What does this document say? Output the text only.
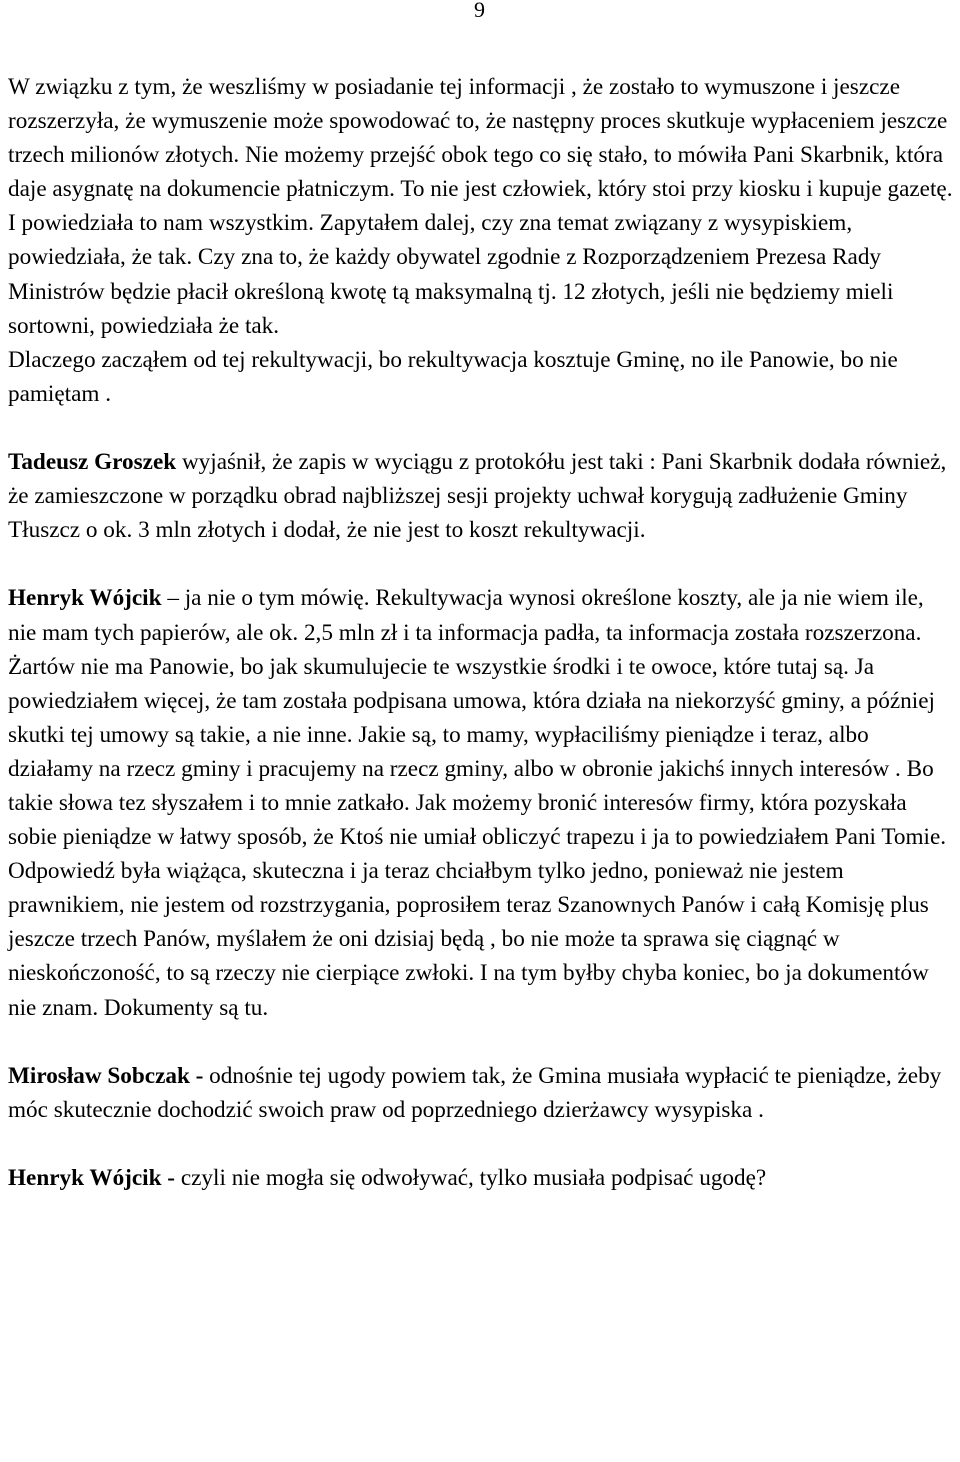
9

W związku z tym, że weszliśmy w posiadanie tej informacji , że zostało to wymuszone i jeszcze rozszerzyła, że wymuszenie może spowodować to, że następny proces skutkuje wypłaceniem jeszcze trzech milionów złotych. Nie możemy przejść obok tego co się stało, to mówiła Pani Skarbnik, która daje asygnatę na dokumencie płatniczym. To nie jest człowiek, który stoi przy kiosku i kupuje gazetę. I powiedziała to nam wszystkim. Zapytałem dalej, czy zna temat związany z wysypiskiem, powiedziała, że tak. Czy zna to, że każdy obywatel zgodnie z Rozporządzeniem Prezesa Rady Ministrów będzie płacił określoną kwotę tą maksymalną tj. 12 złotych, jeśli nie będziemy mieli sortowni, powiedziała że tak.
Dlaczego zacząłem od tej rekultywacji, bo rekultywacja kosztuje Gminę, no ile Panowie, bo nie pamiętam .

Tadeusz Groszek wyjaśnił, że zapis w wyciągu z protokółu jest taki : Pani Skarbnik dodała również, że zamieszczone w porządku obrad najbliższej sesji projekty uchwał korygują zadłużenie Gminy Tłuszcz o ok. 3 mln złotych i dodał, że nie jest to koszt rekultywacji.

Henryk Wójcik – ja nie o tym mówię. Rekultywacja wynosi określone koszty, ale ja nie wiem ile, nie mam tych papierów, ale ok. 2,5 mln zł i ta informacja padła, ta informacja została rozszerzona. Żartów nie ma Panowie, bo jak skumulujecie te wszystkie środki i te owoce, które tutaj są. Ja powiedziałem więcej, że tam została podpisana umowa, która działa na niekorzyść gminy, a później skutki tej umowy są takie, a nie inne. Jakie są, to mamy, wypłaciliśmy pieniądze i teraz, albo działamy na rzecz gminy i pracujemy na rzecz gminy, albo w obronie jakichś innych interesów . Bo takie słowa tez słyszałem i to mnie zatkało. Jak możemy bronić interesów firmy, która pozyskała sobie pieniądze w łatwy sposób, że Ktoś nie umiał obliczyć trapezu i ja to powiedziałem Pani Tomie. Odpowiedź była wiążąca, skuteczna i ja teraz chciałbym tylko jedno, ponieważ nie jestem prawnikiem, nie jestem od rozstrzygania, poprosiłem teraz Szanownych Panów i całą Komisję plus jeszcze trzech Panów, myślałem że oni dzisiaj będą , bo nie może ta sprawa się ciągnąć w nieskończoność, to są rzeczy nie cierpiące zwłoki. I na tym byłby chyba koniec, bo ja dokumentów nie znam. Dokumenty są tu.

Mirosław Sobczak - odnośnie tej ugody powiem tak, że Gmina musiała wypłacić te pieniądze, żeby móc skutecznie dochodzić swoich praw od poprzedniego dzierżawcy wysypiska .

Henryk Wójcik - czyli nie mogła się odwoływać, tylko musiała podpisać ugodę?
